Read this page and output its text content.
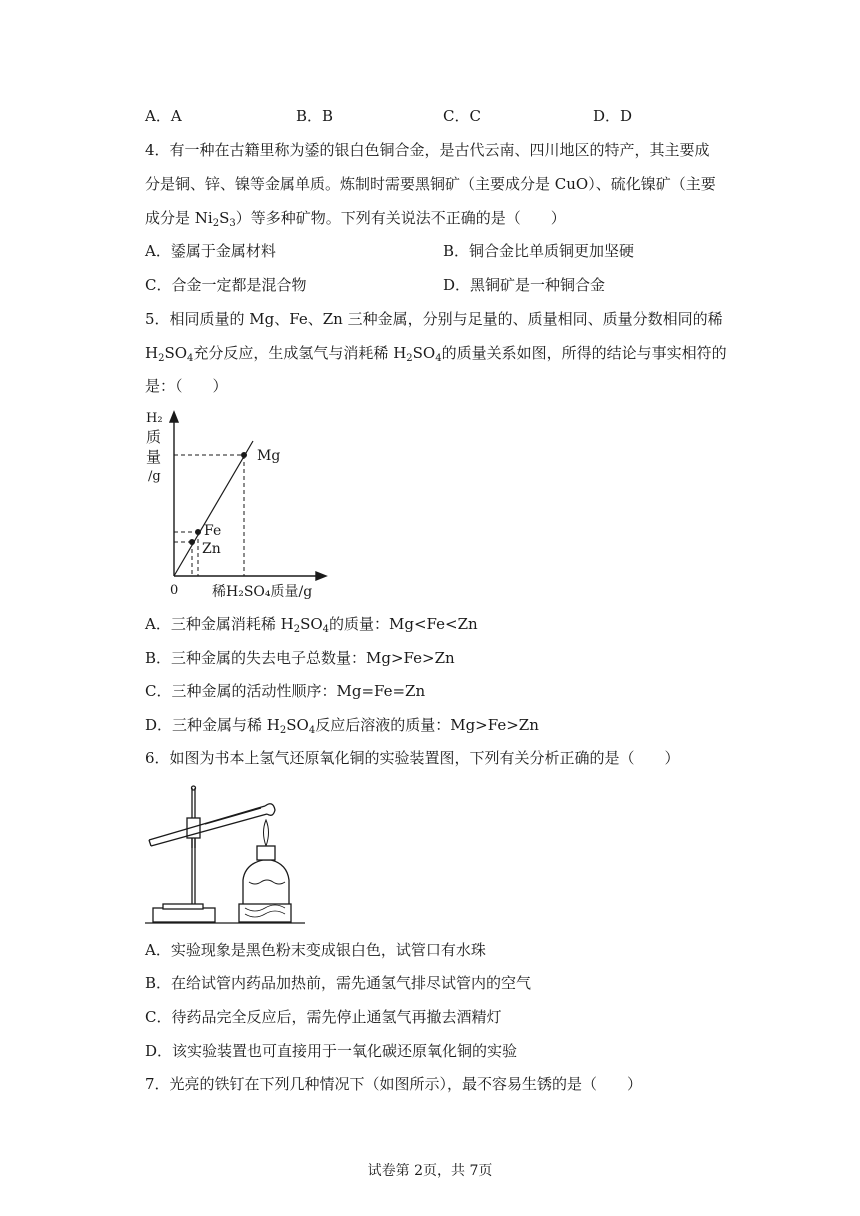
A．A	B．B	C．C	D．D
4．有一种在古籍里称为鋈的银白色铜合金，是古代云南、四川地区的特产，其主要成
分是铜、锌、镍等金属单质。炼制时需要黑铜矿（主要成分是 CuO）、硫化镍矿（主要
成分是 $Ni_2S_3$）等多种矿物。下列有关说法不正确的是（　　）
A．鋈属于金属材料	B．铜合金比单质铜更加坚硬
C．合金一定都是混合物	D．黑铜矿是一种铜合金
5．相同质量的 Mg、Fe、Zn 三种金属，分别与足量的、质量相同、质量分数相同的稀
$H_2SO_4$充分反应，生成氢气与消耗稀 $H_2SO_4$的质量关系如图，所得的结论与事实相符的
是：（　　）
H₂
质
量
/g
Mg
Fe
Zn
0 稀H₂SO₄质量/g
A．三种金属消耗稀 $H_2SO_4$的质量：Mg<Fe<Zn
B．三种金属的失去电子总数量：Mg>Fe>Zn
C．三种金属的活动性顺序：Mg=Fe=Zn
D．三种金属与稀 $H_2SO_4$反应后溶液的质量：Mg>Fe>Zn
6．如图为书本上氢气还原氧化铜的实验装置图，下列有关分析正确的是（　　）
A．实验现象是黑色粉末变成银白色，试管口有水珠
B．在给试管内药品加热前，需先通氢气排尽试管内的空气
C．待药品完全反应后，需先停止通氢气再撤去酒精灯
D．该实验装置也可直接用于一氧化碳还原氧化铜的实验
7．光亮的铁钉在下列几种情况下（如图所示），最不容易生锈的是（　　）
试卷第 2页，共 7页
